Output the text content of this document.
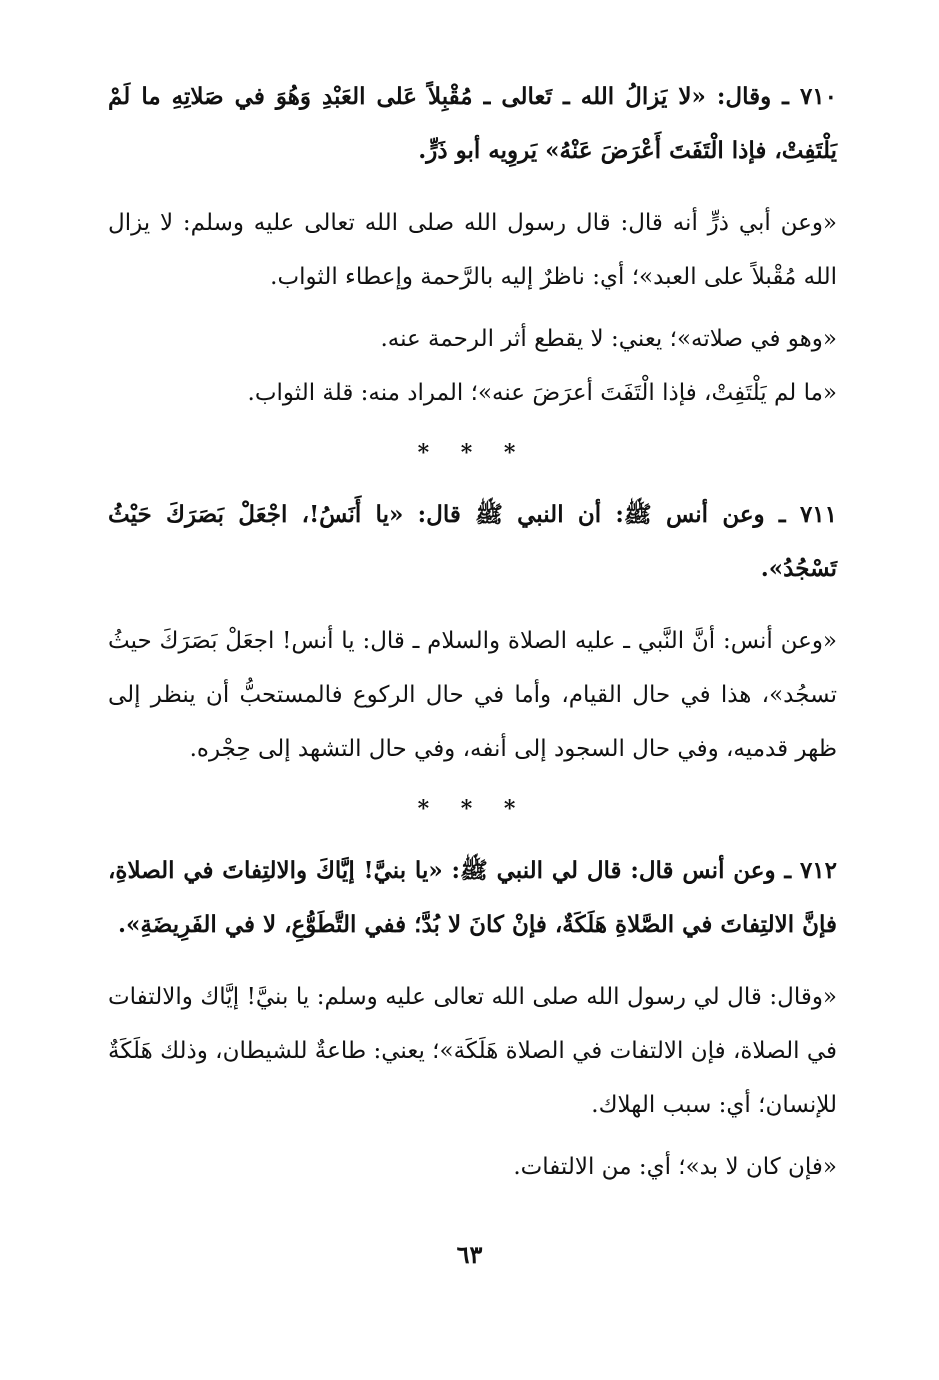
٧١٠ ـ وقال: «لا يَزالُ الله ـ تَعالى ـ مُقْبِلاً عَلى العَبْدِ وَهُوَ في صَلاتِهِ ما لَمْ يَلْتَفِتْ، فإذا الْتَفَتَ أَعْرَضَ عَنْهُ» يَروِيه أبو ذَرٍّ.

«وعن أبي ذرٍّ أنه قال: قال رسول الله صلى الله تعالى عليه وسلم: لا يزال الله مُقْبلاً على العبد»؛ أي: ناظرٌ إليه بالرَّحمة وإعطاء الثواب.

«وهو في صلاته»؛ يعني: لا يقطع أثر الرحمة عنه.

«ما لم يَلْتَفِتْ، فإذا الْتَفَتَ أعرَضَ عنه»؛ المراد منه: قلة الثواب.

* * *

٧١١ ـ وعن أنس ﷺ: أن النبي ﷺ قال: «يا أَنَسُ!، اجْعَلْ بَصَرَكَ حَيْثُ تَسْجُدُ».

«وعن أنس: أنَّ النَّبي ـ عليه الصلاة والسلام ـ قال: يا أنس! اجعَلْ بَصَرَكَ حيثُ تسجُد»، هذا في حال القيام، وأما في حال الركوع فالمستحبُّ أن ينظر إلى ظهر قدميه، وفي حال السجود إلى أنفه، وفي حال التشهد إلى حِجْره.

* * *

٧١٢ ـ وعن أنس قال: قال لي النبي ﷺ: «يا بنيَّ! إيَّاكَ والالتِفاتَ في الصلاةِ، فإنَّ الالتِفاتَ في الصَّلاةِ هَلَكَةٌ، فإنْ كانَ لا بُدَّ؛ ففي التَّطَوُّعِ، لا في الفَرِيضَةِ».

«وقال: قال لي رسول الله صلى الله تعالى عليه وسلم: يا بنيَّ! إيَّاك والالتفات في الصلاة، فإن الالتفات في الصلاة هَلَكَة»؛ يعني: طاعةٌ للشيطان، وذلك هَلَكَةٌ للإنسان؛ أي: سبب الهلاك.

«فإن كان لا بد»؛ أي: من الالتفات.

٦٣
